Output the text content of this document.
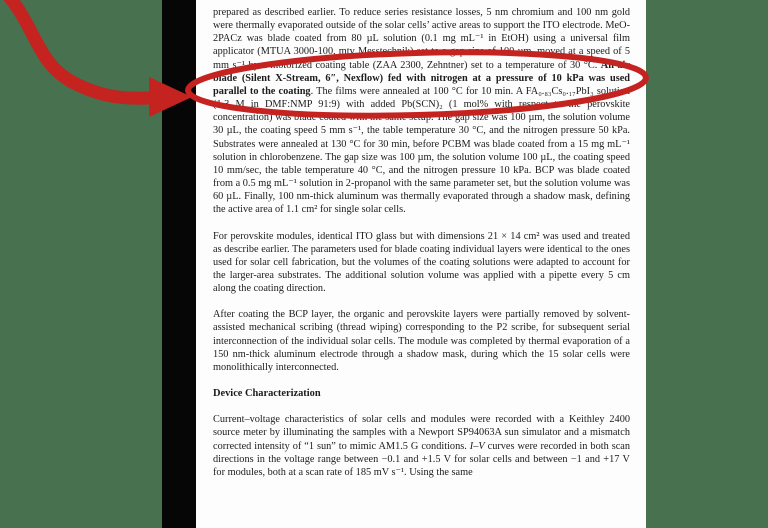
prepared as described earlier. To reduce series resistance losses, 5 nm chromium and 100 nm gold were thermally evaporated outside of the solar cells’ active areas to support the ITO electrode. MeO-2PACz was blade coated from 80 µL solution (0.1 mg mL⁻¹ in EtOH) using a universal film applicator (MTUA 3000-100, mtv Messtechnik) set to a gap size of 100 µm, moved at a speed of 5 mm s⁻¹ by a motorized coating table (ZAA 2300, Zehntner) set to a temperature of 30 °C. An air blade (Silent X-Stream, 6″, Nexflow) fed with nitrogen at a pressure of 10 kPa was used parallel to the coating. The films were annealed at 100 °C for 10 min. A FA₀.₈₃Cs₀.₁₇PbI₃ solution (1.3 M in DMF:NMP 91:9) with added Pb(SCN)₂ (1 mol% with respect to the perovskite concentration) was blade coated with the same setup. The gap size was 100 µm, the solution volume 30 µL, the coating speed 5 mm s⁻¹, the table temperature 30 °C, and the nitrogen pressure 50 kPa. Substrates were annealed at 130 °C for 30 min, before PCBM was blade coated from a 15 mg mL⁻¹ solution in chlorobenzene. The gap size was 100 µm, the solution volume 100 µL, the coating speed 10 mm/sec, the table temperature 40 °C, and the nitrogen pressure 10 kPa. BCP was blade coated from a 0.5 mg mL⁻¹ solution in 2-propanol with the same parameter set, but the solution volume was 60 µL. Finally, 100 nm-thick aluminum was thermally evaporated through a shadow mask, defining the active area of 1.1 cm² for single solar cells.

For perovskite modules, identical ITO glass but with dimensions 21 × 14 cm² was used and treated as describe earlier. The parameters used for blade coating individual layers were identical to the ones used for solar cell fabrication, but the volumes of the coating solutions were adapted to account for the larger-area substrates. The additional solution volume was applied with a pipette every 5 cm along the coating direction.

After coating the BCP layer, the organic and perovskite layers were partially removed by solvent-assisted mechanical scribing (thread wiping) corresponding to the P2 scribe, for subsequent serial interconnection of the individual solar cells. The module was completed by thermal evaporation of a 150 nm-thick aluminum electrode through a shadow mask, during which the 15 solar cells were monolithically interconnected.

Device Characterization

Current–voltage characteristics of solar cells and modules were recorded with a Keithley 2400 source meter by illuminating the samples with a Newport SP94063A sun simulator and a mismatch corrected intensity of “1 sun” to mimic AM1.5 G conditions. I–V curves were recorded in both scan directions in the voltage range between −0.1 and +1.5 V for solar cells and between −1 and +17 V for modules, both at a scan rate of 185 mV s⁻¹. Using the same
